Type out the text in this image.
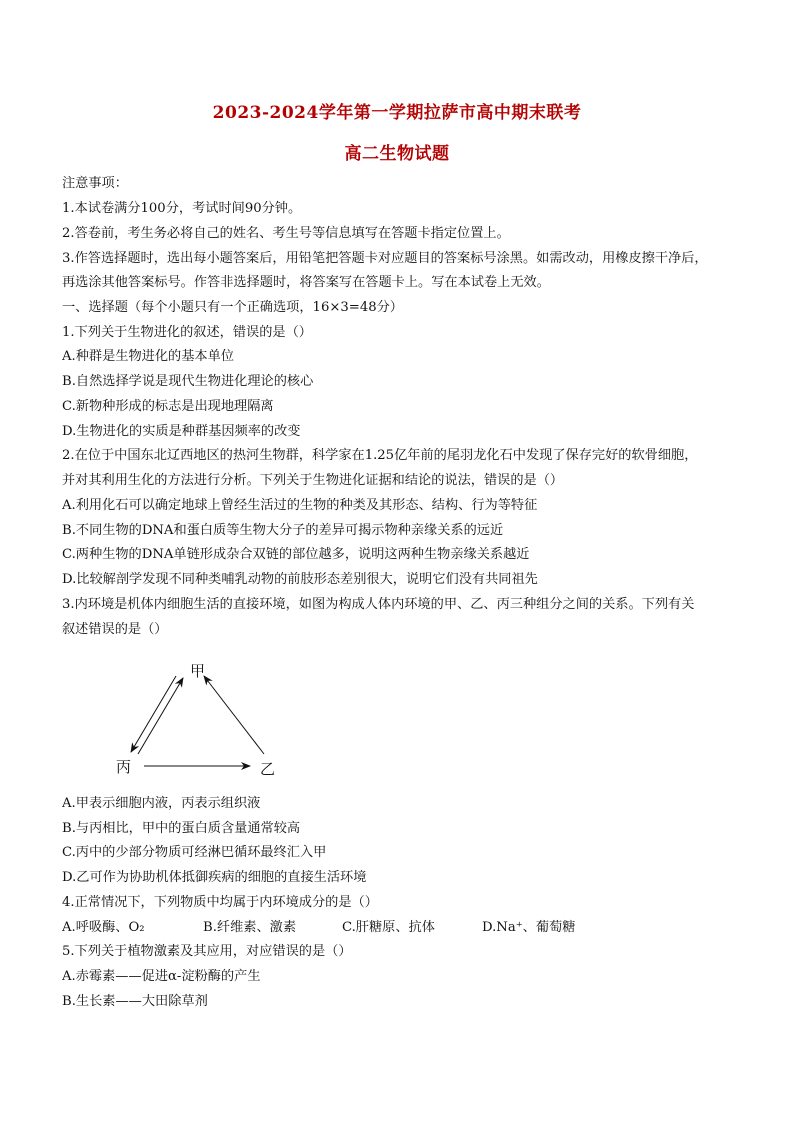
2023-2024学年第一学期拉萨市高中期末联考
高二生物试题
注意事项：
1.本试卷满分100分，考试时间90分钟。
2.答卷前，考生务必将自己的姓名、考生号等信息填写在答题卡指定位置上。
3.作答选择题时，选出每小题答案后，用铅笔把答题卡对应题目的答案标号涂黑。如需改动，用橡皮擦干净后，
再选涂其他答案标号。作答非选择题时，将答案写在答题卡上。写在本试卷上无效。
一、选择题（每个小题只有一个正确选项，16×3=48分）
1.下列关于生物进化的叙述，错误的是（）
A.种群是生物进化的基本单位
B.自然选择学说是现代生物进化理论的核心
C.新物种形成的标志是出现地理隔离
D.生物进化的实质是种群基因频率的改变
2.在位于中国东北辽西地区的热河生物群，科学家在1.25亿年前的尾羽龙化石中发现了保存完好的软骨细胞，
并对其利用生化的方法进行分析。下列关于生物进化证据和结论的说法，错误的是（）
A.利用化石可以确定地球上曾经生活过的生物的种类及其形态、结构、行为等特征
B.不同生物的DNA和蛋白质等生物大分子的差异可揭示物种亲缘关系的远近
C.两种生物的DNA单链形成杂合双链的部位越多，说明这两种生物亲缘关系越近
D.比较解剖学发现不同种类哺乳动物的前肢形态差别很大，说明它们没有共同祖先
3.内环境是机体内细胞生活的直接环境，如图为构成人体内环境的甲、乙、丙三种组分之间的关系。下列有关
叙述错误的是（）
甲
乙
丙
A.甲表示细胞内液，丙表示组织液
B.与丙相比，甲中的蛋白质含量通常较高
C.丙中的少部分物质可经淋巴循环最终汇入甲
D.乙可作为协助机体抵御疾病的细胞的直接生活环境
4.正常情况下，下列物质中均属于内环境成分的是（）
A.呼吸酶、O₂	B.纤维素、激素	C.肝糖原、抗体	D.Na⁺、葡萄糖
5.下列关于植物激素及其应用，对应错误的是（）
A.赤霉素——促进α-淀粉酶的产生
B.生长素——大田除草剂
